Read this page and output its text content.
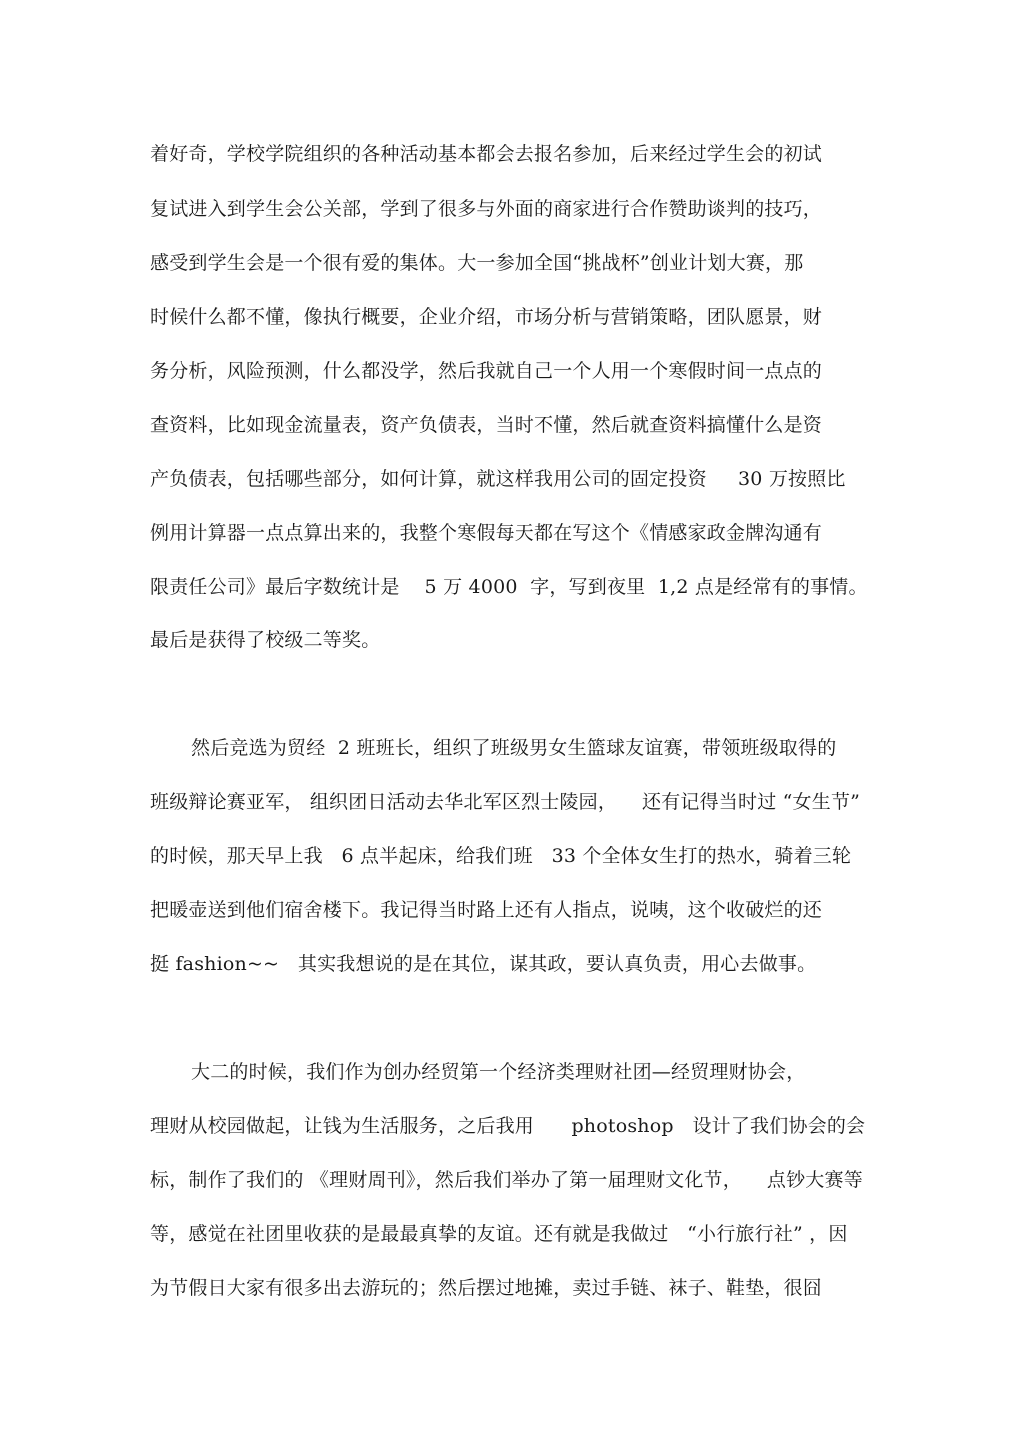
着好奇，学校学院组织的各种活动基本都会去报名参加，后来经过学生会的初试
复试进入到学生会公关部，学到了很多与外面的商家进行合作赞助谈判的技巧，
感受到学生会是一个很有爱的集体。大一参加全国“挑战杯”创业计划大赛，那
时候什么都不懂，像执行概要，企业介绍，市场分析与营销策略，团队愿景，财
务分析，风险预测，什么都没学，然后我就自己一个人用一个寒假时间一点点的
查资料，比如现金流量表，资产负债表，当时不懂，然后就查资料搞懂什么是资
产负债表，包括哪些部分，如何计算，就这样我用公司的固定投资     30 万按照比
例用计算器一点点算出来的，我整个寒假每天都在写这个《情感家政金牌沟通有
限责任公司》最后字数统计是    5 万 4000  字，写到夜里  1,2 点是经常有的事情。
最后是获得了校级二等奖。
然后竞选为贸经  2 班班长，组织了班级男女生篮球友谊赛，带领班级取得的
班级辩论赛亚军， 组织团日活动去华北军区烈士陵园，    还有记得当时过 “女生节”
的时候，那天早上我   6 点半起床，给我们班   33 个全体女生打的热水，骑着三轮
把暖壶送到他们宿舍楼下。我记得当时路上还有人指点，说咦，这个收破烂的还
挺 fashion~~   其实我想说的是在其位，谋其政，要认真负责，用心去做事。
大二的时候，我们作为创办经贸第一个经济类理财社团—经贸理财协会，
理财从校园做起，让钱为生活服务，之后我用      photoshop   设计了我们协会的会
标，制作了我们的 《理财周刊》，然后我们举办了第一届理财文化节，    点钞大赛等
等，感觉在社团里收获的是最最真挚的友谊。还有就是我做过   “小行旅行社” ，因
为节假日大家有很多出去游玩的；然后摆过地摊，卖过手链、袜子、鞋垫，很囧
